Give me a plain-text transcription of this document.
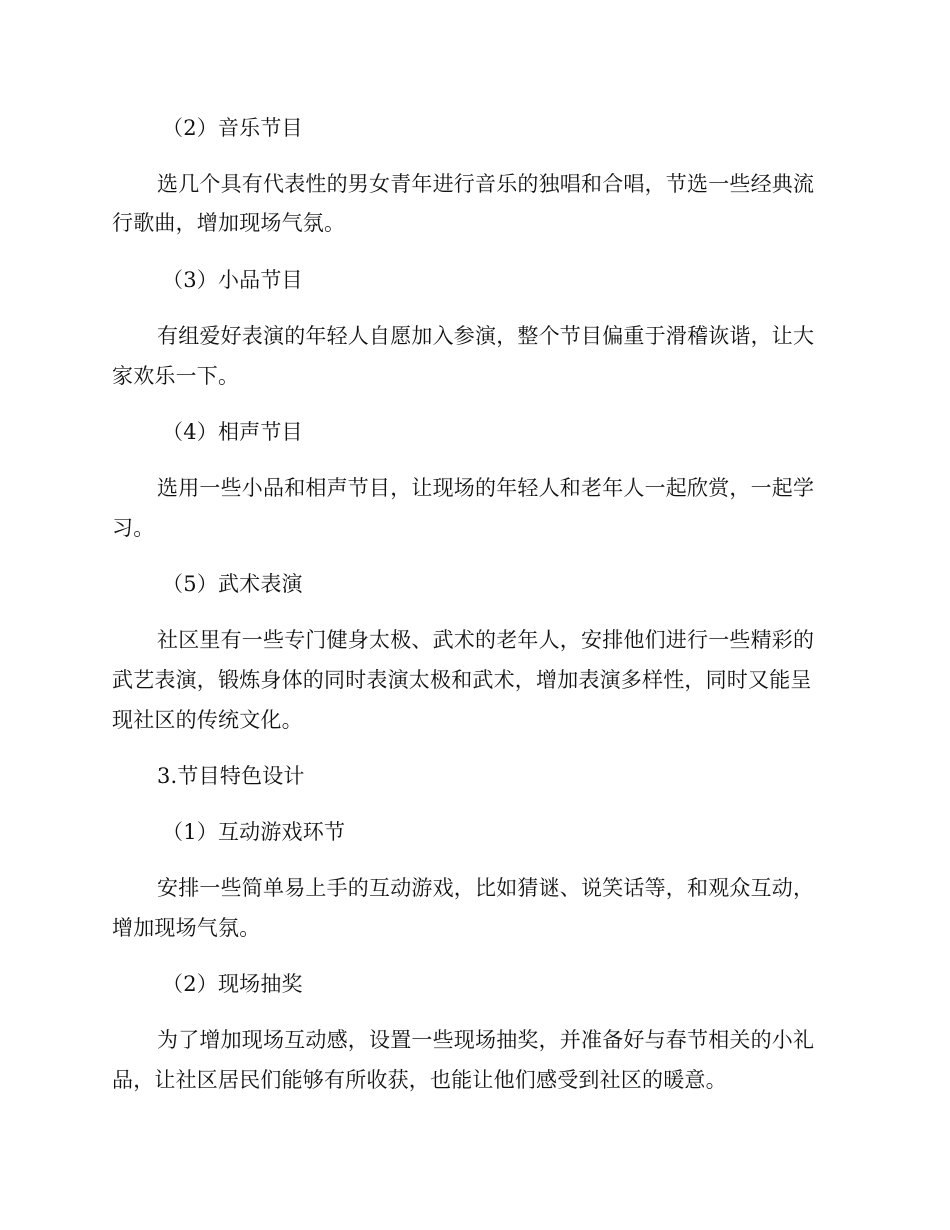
（2）音乐节目
选几个具有代表性的男女青年进行音乐的独唱和合唱，节选一些经典流
行歌曲，增加现场气氛。
（3）小品节目
有组爱好表演的年轻人自愿加入参演，整个节目偏重于滑稽诙谐，让大
家欢乐一下。
（4）相声节目
选用一些小品和相声节目，让现场的年轻人和老年人一起欣赏，一起学
习。
（5）武术表演
社区里有一些专门健身太极、武术的老年人，安排他们进行一些精彩的
武艺表演，锻炼身体的同时表演太极和武术，增加表演多样性，同时又能呈
现社区的传统文化。
3.节目特色设计
（1）互动游戏环节
安排一些简单易上手的互动游戏，比如猜谜、说笑话等，和观众互动，
增加现场气氛。
（2）现场抽奖
为了增加现场互动感，设置一些现场抽奖，并准备好与春节相关的小礼
品，让社区居民们能够有所收获，也能让他们感受到社区的暖意。
